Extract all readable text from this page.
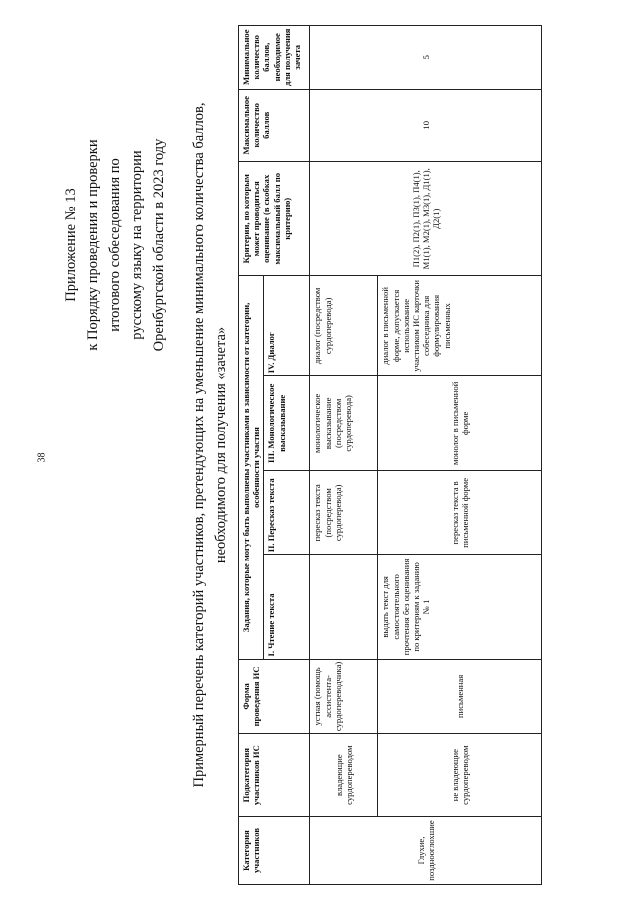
38
Приложение № 13 к Порядку проведения и проверки итогового собеседования по русскому языку на территории Оренбургской области в 2023 году Примерный перечень категорий участников, претендующих на уменьшение минимального количества баллов, необходимого для получения «зачета»
Категория участников	Подкатегория участников ИС	Форма проведения ИС	Задания, которые могут быть выполнены участниками в зависимости от категории, особенности участия				Критерии, по которым может проводиться оценивание (в скобках максимальный балл по критерию)	Максимальное количество баллов	Минимальное количество баллов, необходимое для получения зачета
			I. Чтение текста	II. Пересказ текста	III. Монологическое высказывание	IV. Диалог			
Глухие, позднооглохшие	владеющие сурдопереводом	устная (помощь ассистента-сурдопереводчика)		пересказ текста (посредством сурдоперевода)	монологическое высказывание (посредством сурдоперевода)	диалог (посредством сурдоперевода)	П1(2), П2(1), П3(1), П4(1), М1(1), М2(1), М3(1), Д1(1), Д2(1)	10	5
	не владеющие сурдопереводом	письменная	выдать текст для самостоятельного прочтения без оценивания по критериям к заданию № 1	пересказ текста в письменной форме	монолог в письменной форме	диалог в письменной форме, допускается использование участником ИС карточки собеседника для формулирования письменных			
